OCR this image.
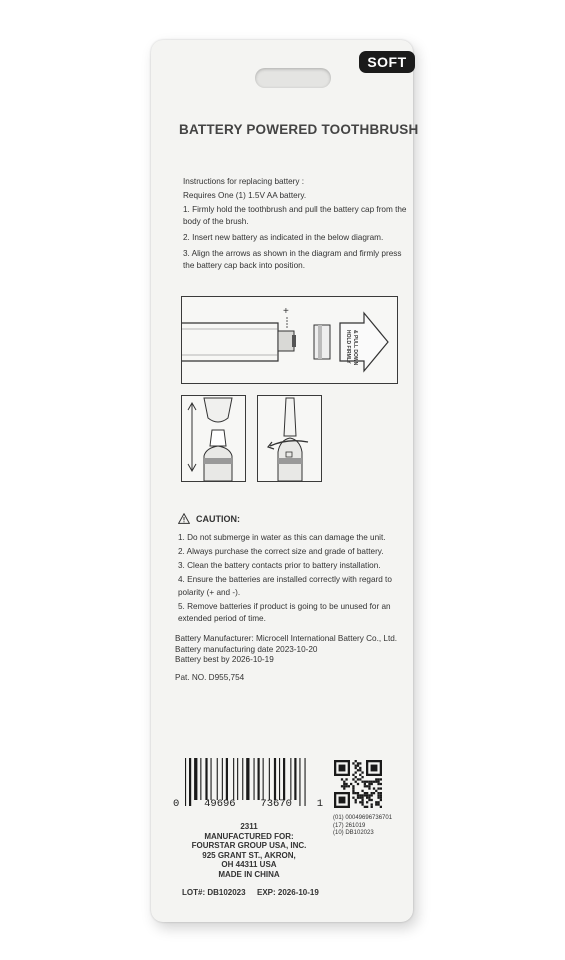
SOFT
BATTERY POWERED TOOTHBRUSH

Instructions for replacing battery :

Requires One (1) 1.5V AA battery.

1. Firmly hold the toothbrush and pull the battery cap from the body of the brush.
2. Insert new battery as indicated in the below diagram.
3. Align the arrows as shown in the diagram and firmly press the battery cap back into position.
+
HOLD FIRMLY & PULL DOWN
CAUTION:
1. Do not submerge in water as this can damage the unit.
2. Always purchase the correct size and grade of battery.
3. Clean the battery contacts prior to battery installation.
4. Ensure the batteries are installed correctly with regard to polarity (+ and -).
5. Remove batteries if product is going to be unused for an extended period of time.
Battery Manufacturer: Microcell International Battery Co., Ltd.
Battery manufacturing date 2023-10-20
Battery best by 2026-10-19
Pat. NO. D955,754
0 49696 73670 1
(01) 00049696736701
(17) 261019
(10) DB102023
2311
MANUFACTURED FOR:
FOURSTAR GROUP USA, INC.
925 GRANT ST., AKRON,
OH 44311 USA
MADE IN CHINA
LOT#: DB102023 EXP: 2026-10-19
